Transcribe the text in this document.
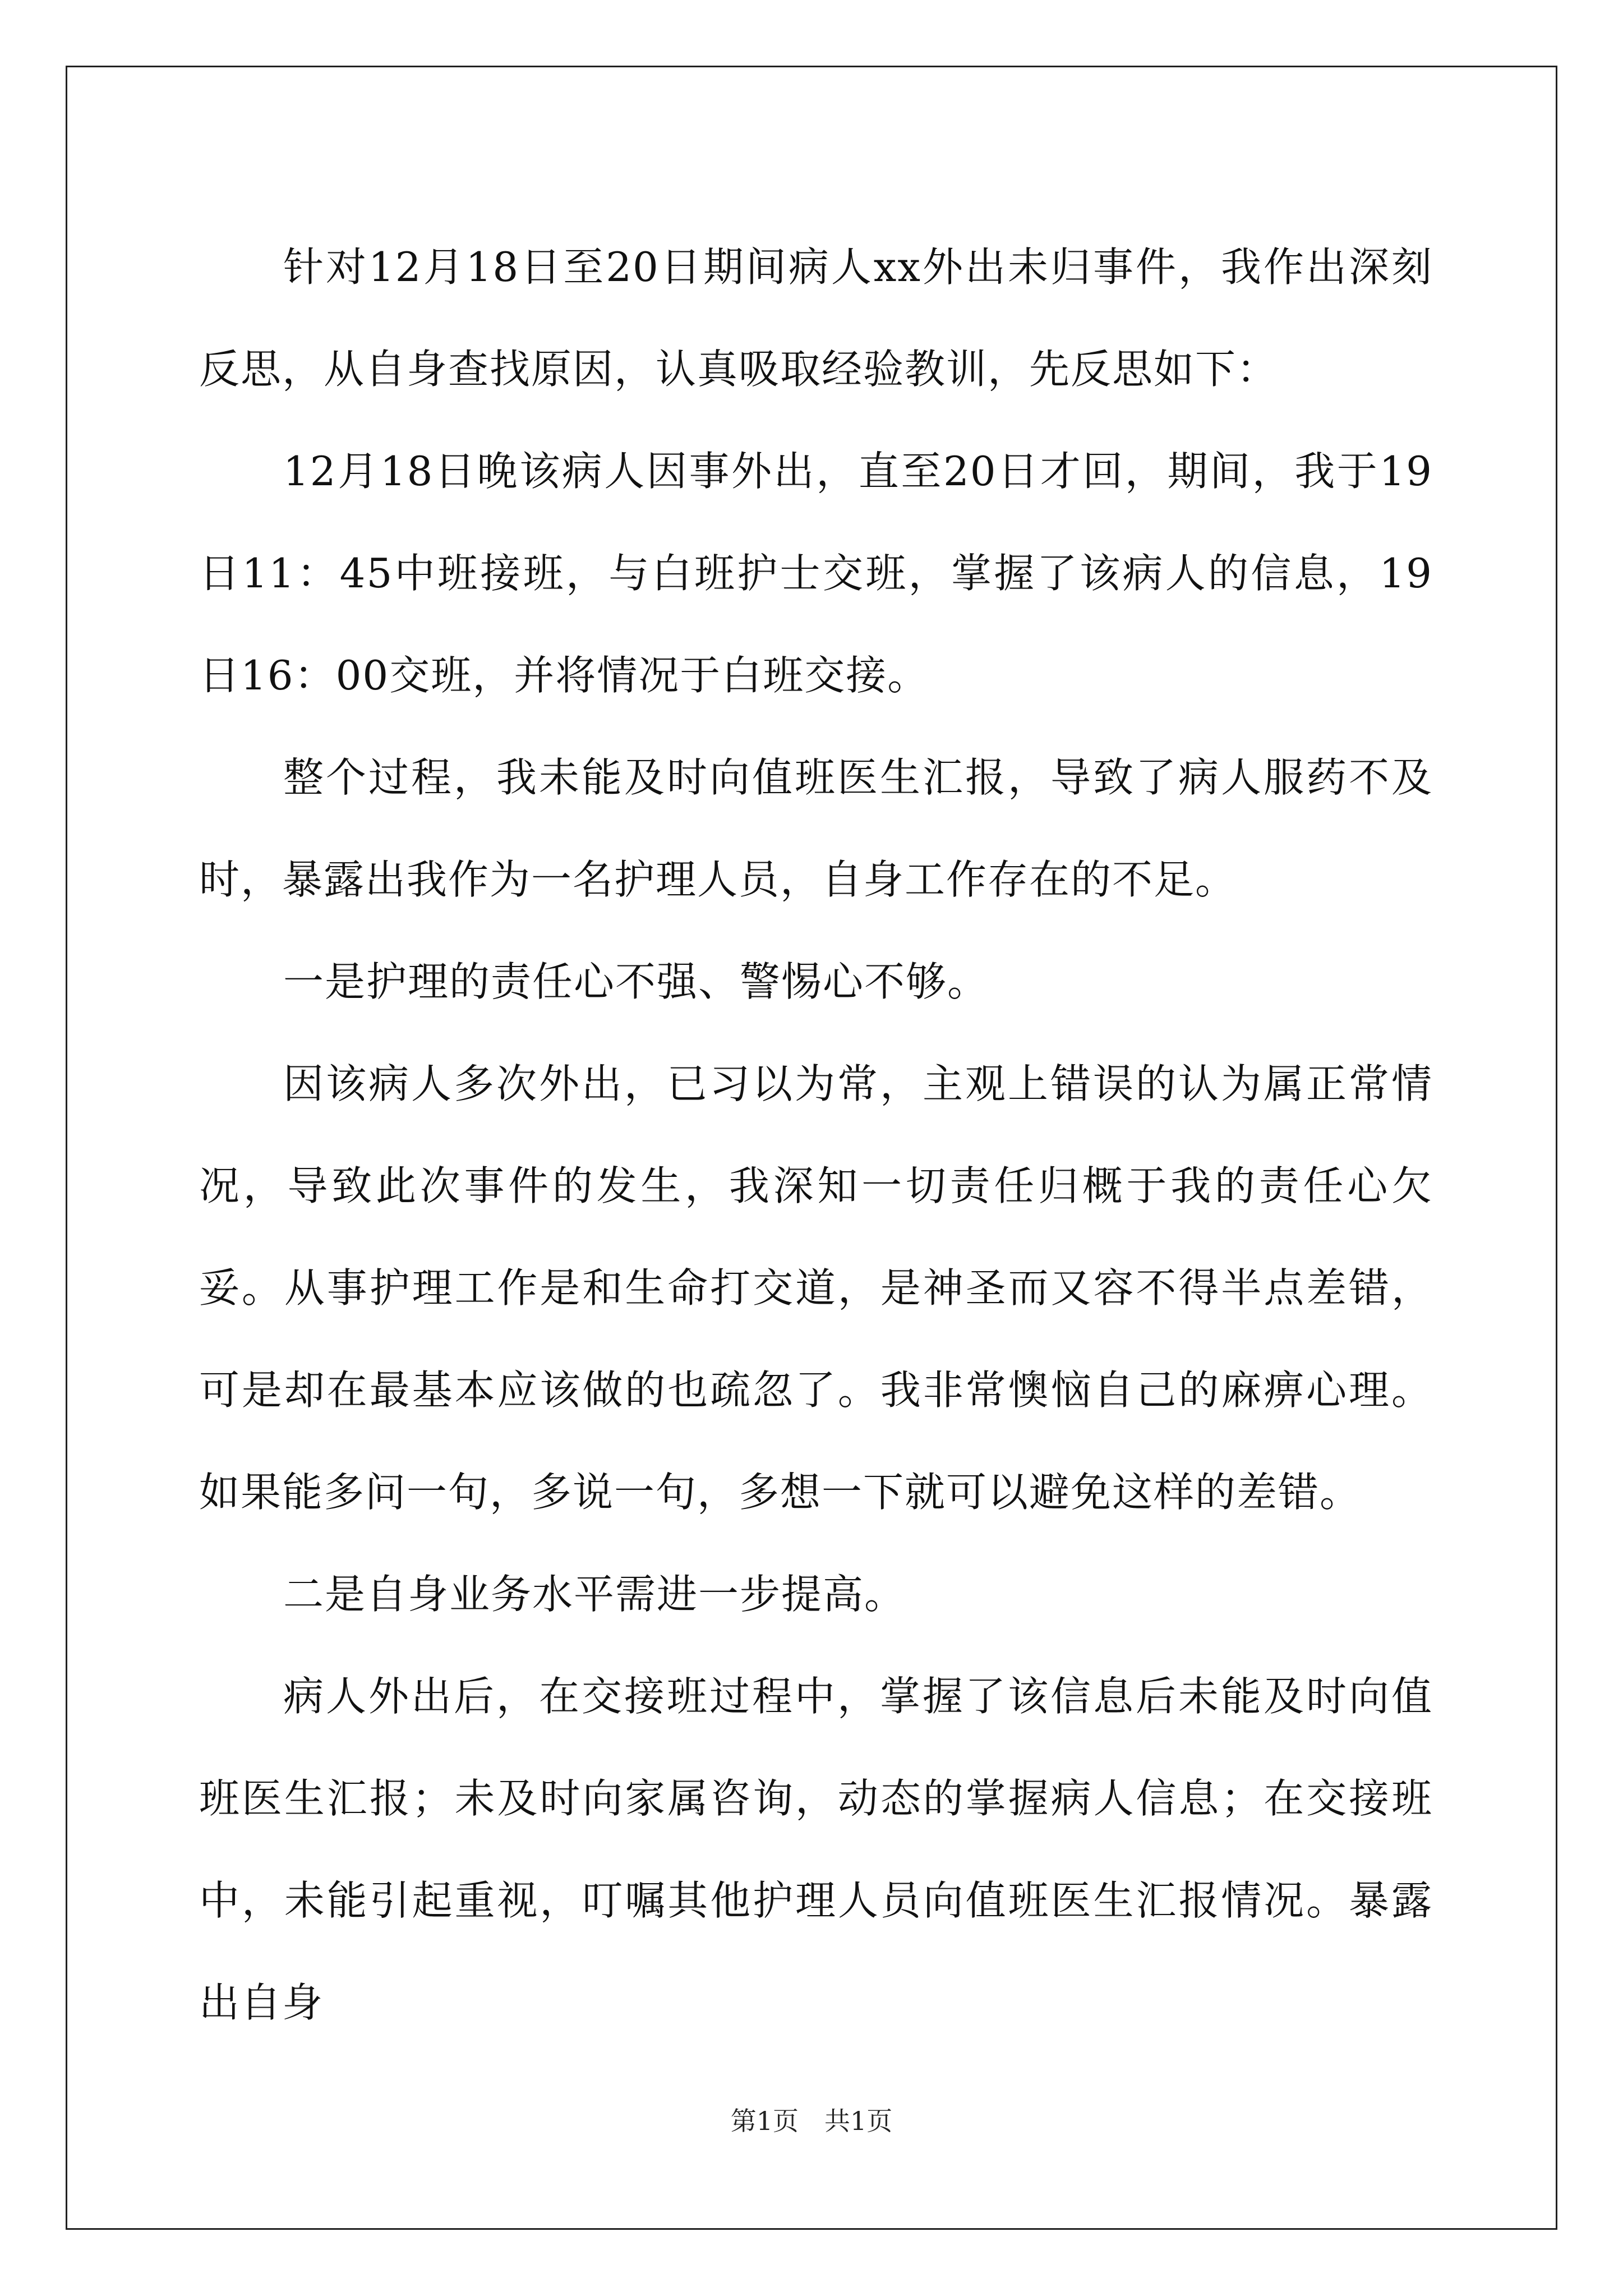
针对12月18日至20日期间病人xx外出未归事件，我作出深刻反思，从自身查找原因，认真吸取经验教训，先反思如下：

12月18日晚该病人因事外出，直至20日才回，期间，我于19日11：45中班接班，与白班护士交班，掌握了该病人的信息，19日16：00交班，并将情况于白班交接。

整个过程，我未能及时向值班医生汇报，导致了病人服药不及时，暴露出我作为一名护理人员，自身工作存在的不足。

一是护理的责任心不强、警惕心不够。

因该病人多次外出，已习以为常，主观上错误的认为属正常情况，导致此次事件的发生，我深知一切责任归概于我的责任心欠妥。从事护理工作是和生命打交道，是神圣而又容不得半点差错，可是却在最基本应该做的也疏忽了。我非常懊恼自己的麻痹心理。如果能多问一句，多说一句，多想一下就可以避免这样的差错。

二是自身业务水平需进一步提高。

病人外出后，在交接班过程中，掌握了该信息后未能及时向值班医生汇报；未及时向家属咨询，动态的掌握病人信息；在交接班中，未能引起重视，叮嘱其他护理人员向值班医生汇报情况。暴露出自身

第1页　共1页
